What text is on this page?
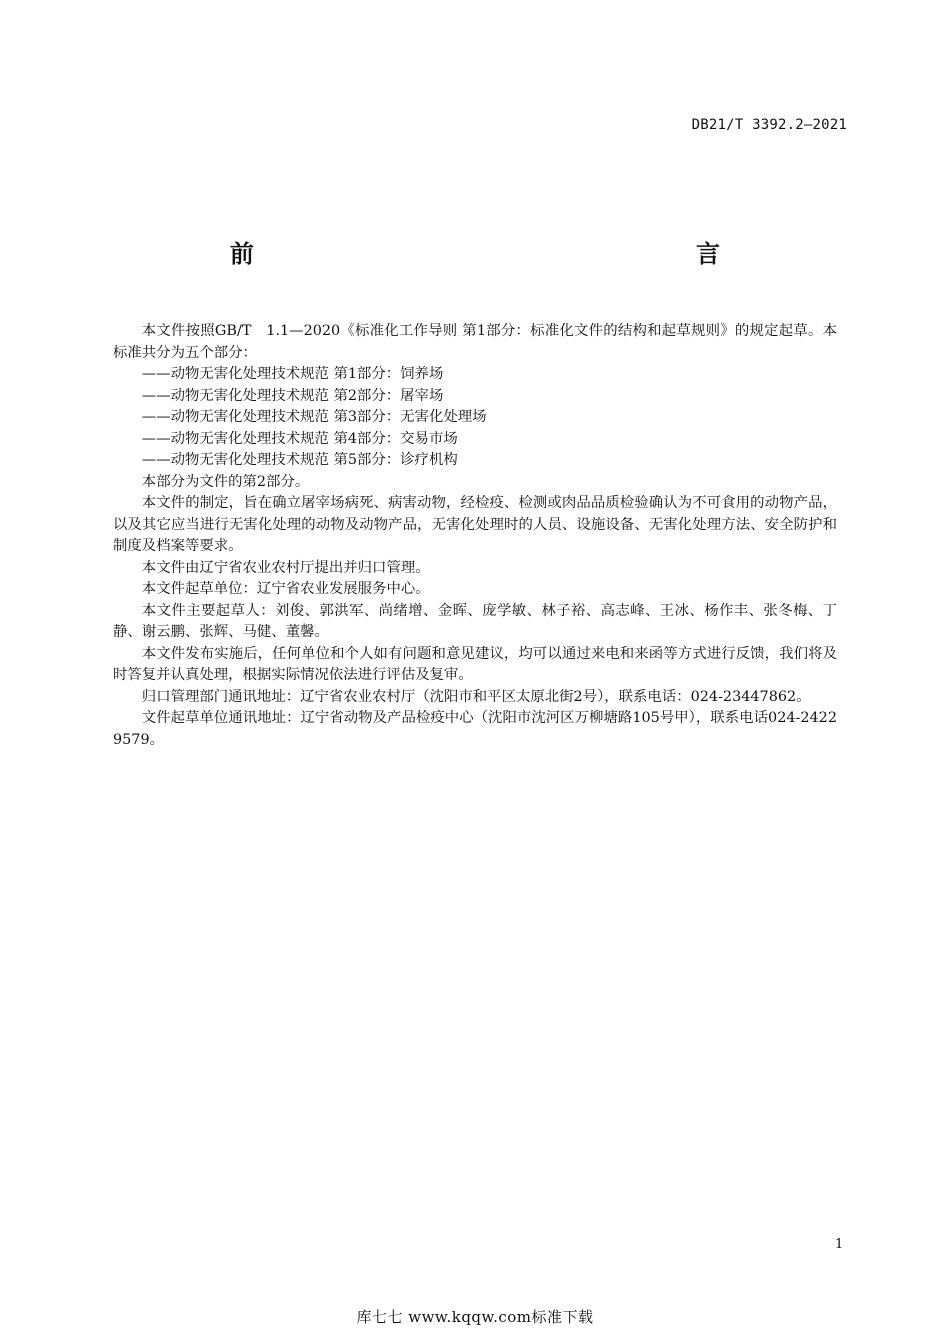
DB21/T 3392.2—2021
前      言

本文件按照GB/T　1.1—2020《标准化工作导则 第1部分：标准化文件的结构和起草规则》的规定起草。本标准共分为五个部分：

——动物无害化处理技术规范 第1部分：饲养场

——动物无害化处理技术规范 第2部分：屠宰场

——动物无害化处理技术规范 第3部分：无害化处理场

——动物无害化处理技术规范 第4部分：交易市场

——动物无害化处理技术规范 第5部分：诊疗机构

本部分为文件的第2部分。

本文件的制定，旨在确立屠宰场病死、病害动物，经检疫、检测或肉品品质检验确认为不可食用的动物产品，以及其它应当进行无害化处理的动物及动物产品，无害化处理时的人员、设施设备、无害化处理方法、安全防护和制度及档案等要求。

本文件由辽宁省农业农村厅提出并归口管理。

本文件起草单位：辽宁省农业发展服务中心。

本文件主要起草人：刘俊、郭洪军、尚绪增、金晖、庞学敏、林子裕、高志峰、王冰、杨作丰、张冬梅、丁静、谢云鹏、张辉、马健、董馨。

本文件发布实施后，任何单位和个人如有问题和意见建议，均可以通过来电和来函等方式进行反馈，我们将及时答复并认真处理，根据实际情况依法进行评估及复审。

归口管理部门通讯地址：辽宁省农业农村厅（沈阳市和平区太原北街2号），联系电话：024-23447862。

文件起草单位通讯地址：辽宁省动物及产品检疫中心（沈阳市沈河区万柳塘路105号甲），联系电话024-24229579。

1
库七七 www.kqqw.com标准下载
